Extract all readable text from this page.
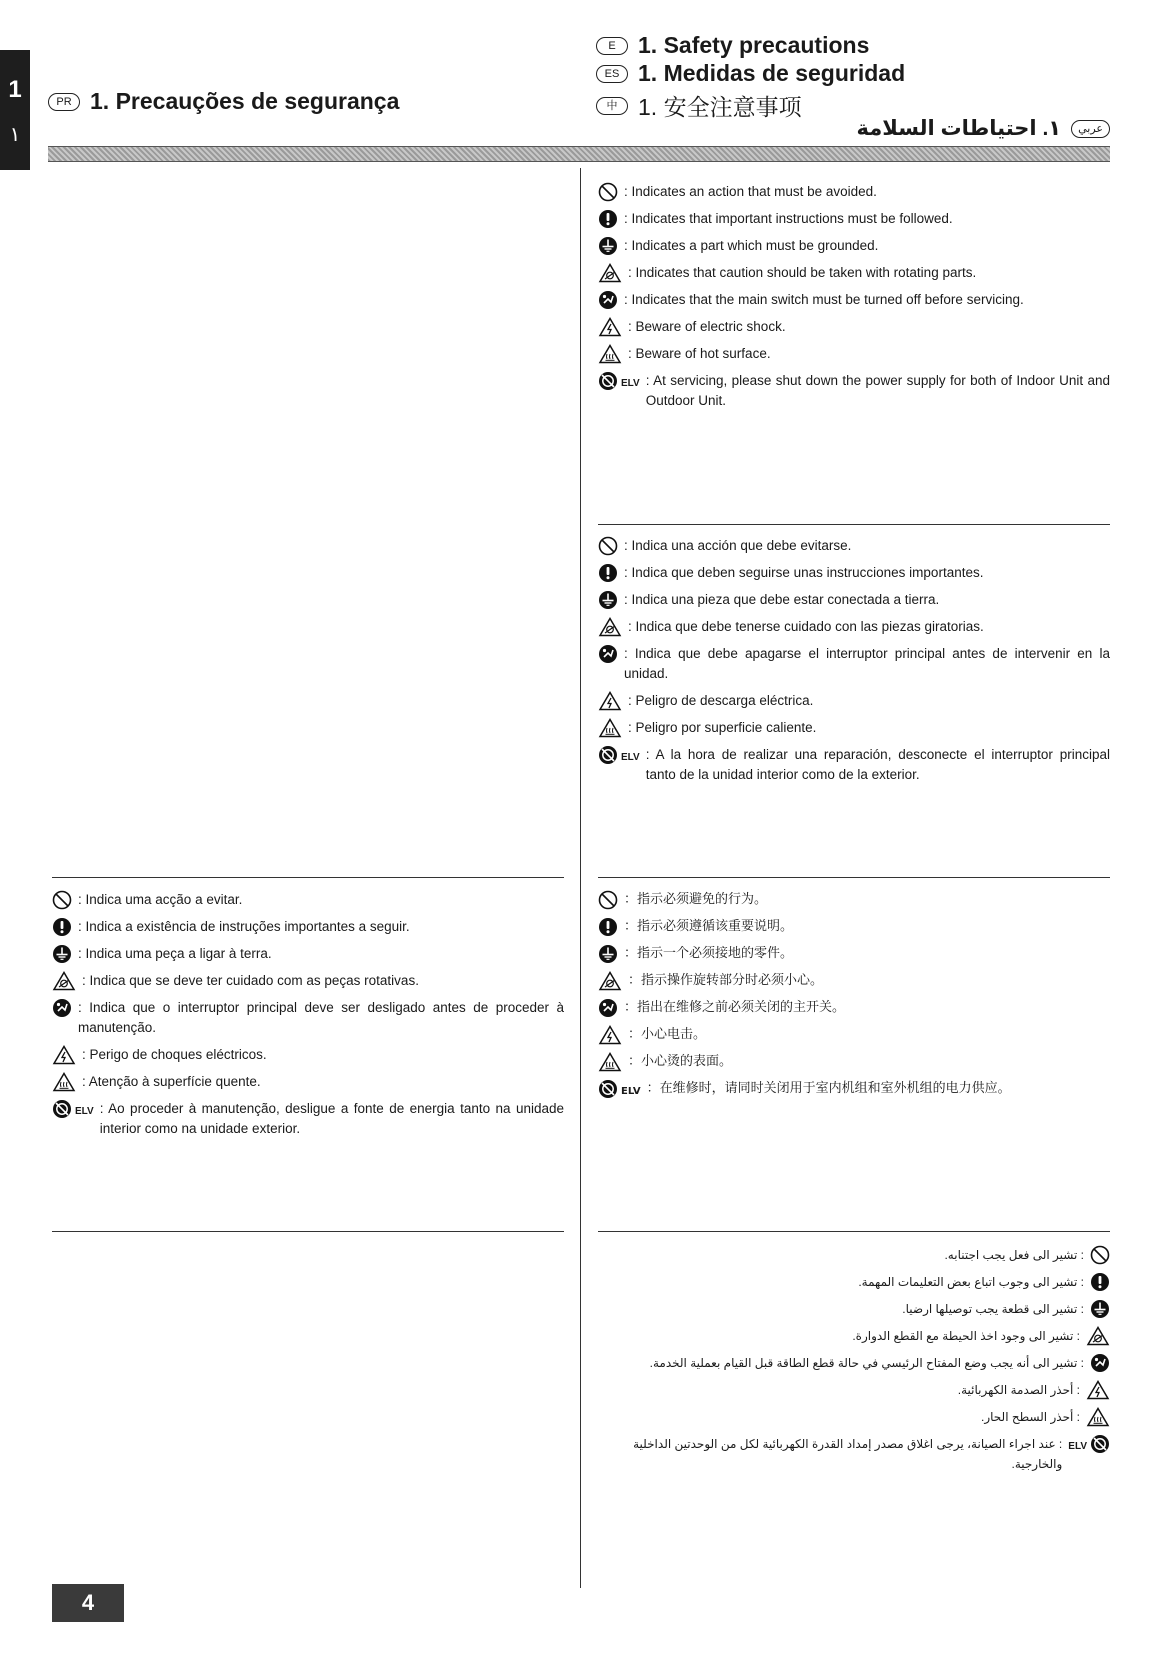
1
١
PR 1. Precauções de segurança
E 1. Safety precautions
ES 1. Medidas de seguridad
中 1. 安全注意事项
عربي
١. احتياطات السلامة
: Indicates an action that must be avoided.
: Indicates that important instructions must be followed.
: Indicates a part which must be grounded.
: Indicates that caution should be taken with rotating parts.
: Indicates that the main switch must be turned off before servicing.
: Beware of electric shock.
: Beware of hot surface.
ELV : At servicing, please shut down the power supply for both of Indoor Unit and Outdoor Unit.
: Indica una acción que debe evitarse.
: Indica que deben seguirse unas instrucciones importantes.
: Indica una pieza que debe estar conectada a tierra.
: Indica que debe tenerse cuidado con las piezas giratorias.
: Indica que debe apagarse el interruptor principal antes de intervenir en la unidad.
: Peligro de descarga eléctrica.
: Peligro por superficie caliente.
ELV : A la hora de realizar una reparación, desconecte el interruptor principal tanto de la unidad interior como de la exterior.
: Indica uma acção a evitar.
: Indica a existência de instruções importantes a seguir.
: Indica uma peça a ligar à terra.
: Indica que se deve ter cuidado com as peças rotativas.
: Indica que o interruptor principal deve ser desligado antes de proceder à manutenção.
: Perigo de choques eléctricos.
: Atenção à superfície quente.
ELV : Ao proceder à manutenção, desligue a fonte de energia tanto na unidade interior como na unidade exterior.
：指示必须避免的行为。
：指示必须遵循该重要说明。
：指示一个必须接地的零件。
：指示操作旋转部分时必须小心。
：指出在维修之前必须关闭的主开关。
：小心电击。
：小心烫的表面。
ELV ：在维修时，请同时关闭用于室内机组和室外机组的电力供应。
: تشير الى فعل يجب اجتنابه.
: تشير الى وجوب اتباع بعض التعليمات المهمة.
: تشير الى قطعة يجب توصيلها ارضيا.
: تشير الى وجود اخذ الحيطة مع القطع الدوارة.
: تشير الى أنه يجب وضع المفتاح الرئيسي في حالة قطع الطاقة قبل القيام بعملية الخدمة.
: أحذر الصدمة الكهربائية.
: أحذر السطح الحار.
ELV
: عند اجراء الصيانة، يرجى اغلاق مصدر إمداد القدرة الكهربائية لكل من الوحدتين الداخلية والخارجية.
4
